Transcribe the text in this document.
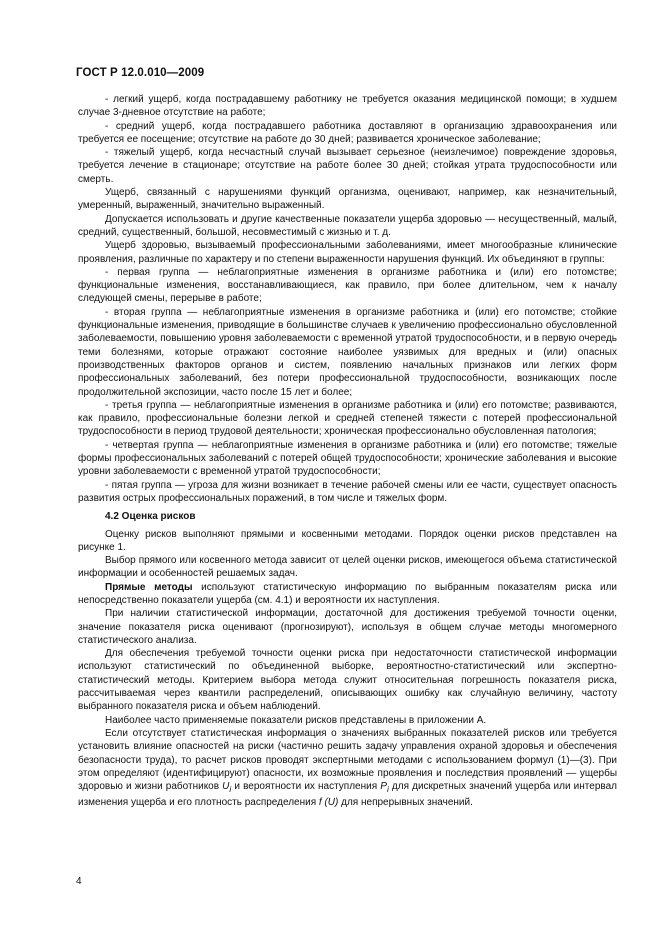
ГОСТ Р 12.0.010—2009

- легкий ущерб, когда пострадавшему работнику не требуется оказания медицинской помощи; в худшем случае 3-дневное отсутствие на работе;

- средний ущерб, когда пострадавшего работника доставляют в организацию здравоохранения или требуется ее посещение; отсутствие на работе до 30 дней; развивается хроническое заболевание;

- тяжелый ущерб, когда несчастный случай вызывает серьезное (неизлечимое) повреждение здоровья, требуется лечение в стационаре; отсутствие на работе более 30 дней; стойкая утрата трудоспособности или смерть.

Ущерб, связанный с нарушениями функций организма, оценивают, например, как незначительный, умеренный, выраженный, значительно выраженный.

Допускается использовать и другие качественные показатели ущерба здоровью — несущественный, малый, средний, существенный, большой, несовместимый с жизнью и т. д.

Ущерб здоровью, вызываемый профессиональными заболеваниями, имеет многообразные клинические проявления, различные по характеру и по степени выраженности нарушения функций. Их объединяют в группы:

- первая группа — неблагоприятные изменения в организме работника и (или) его потомстве; функциональные изменения, восстанавливающиеся, как правило, при более длительном, чем к началу следующей смены, перерыве в работе;

- вторая группа — неблагоприятные изменения в организме работника и (или) его потомстве; стойкие функциональные изменения, приводящие в большинстве случаев к увеличению профессионально обусловленной заболеваемости, повышению уровня заболеваемости с временной утратой трудоспособности, и в первую очередь теми болезнями, которые отражают состояние наиболее уязвимых для вредных и (или) опасных производственных факторов органов и систем, появлению начальных признаков или легких форм профессиональных заболеваний, без потери профессиональной трудоспособности, возникающих после продолжительной экспозиции, часто после 15 лет и более;

- третья группа — неблагоприятные изменения в организме работника и (или) его потомстве; развиваются, как правило, профессиональные болезни легкой и средней степеней тяжести с потерей профессиональной трудоспособности в период трудовой деятельности; хроническая профессионально обусловленная патология;

- четвертая группа — неблагоприятные изменения в организме работника и (или) его потомстве; тяжелые формы профессиональных заболеваний с потерей общей трудоспособности; хронические заболевания и высокие уровни заболеваемости с временной утратой трудоспособности;

- пятая группа — угроза для жизни возникает в течение рабочей смены или ее части, существует опасность развития острых профессиональных поражений, в том числе и тяжелых форм.

4.2 Оценка рисков

Оценку рисков выполняют прямыми и косвенными методами. Порядок оценки рисков представлен на рисунке 1.

Выбор прямого или косвенного метода зависит от целей оценки рисков, имеющегося объема статистической информации и особенностей решаемых задач.

Прямые методы используют статистическую информацию по выбранным показателям риска или непосредственно показатели ущерба (см. 4.1) и вероятности их наступления.

При наличии статистической информации, достаточной для достижения требуемой точности оценки, значение показателя риска оценивают (прогнозируют), используя в общем случае методы многомерного статистического анализа.

Для обеспечения требуемой точности оценки риска при недостаточности статистической информации используют статистический по объединенной выборке, вероятностно-статистический или экспертно-статистический методы. Критерием выбора метода служит относительная погрешность показателя риска, рассчитываемая через квантили распределений, описывающих ошибку как случайную величину, частоту выбранного показателя риска и объем наблюдений.

Наиболее часто применяемые показатели рисков представлены в приложении А.

Если отсутствует статистическая информация о значениях выбранных показателей рисков или требуется установить влияние опасностей на риски (частично решить задачу управления охраной здоровья и обеспечения безопасности труда), то расчет рисков проводят экспертными методами с использованием формул (1)—(3). При этом определяют (идентифицируют) опасности, их возможные проявления и последствия проявлений — ущербы здоровью и жизни работников $U_i$ и вероятности их наступления $P_i$ для дискретных значений ущерба или интервал изменения ущерба и его плотность распределения f (U) для непрерывных значений.

4
